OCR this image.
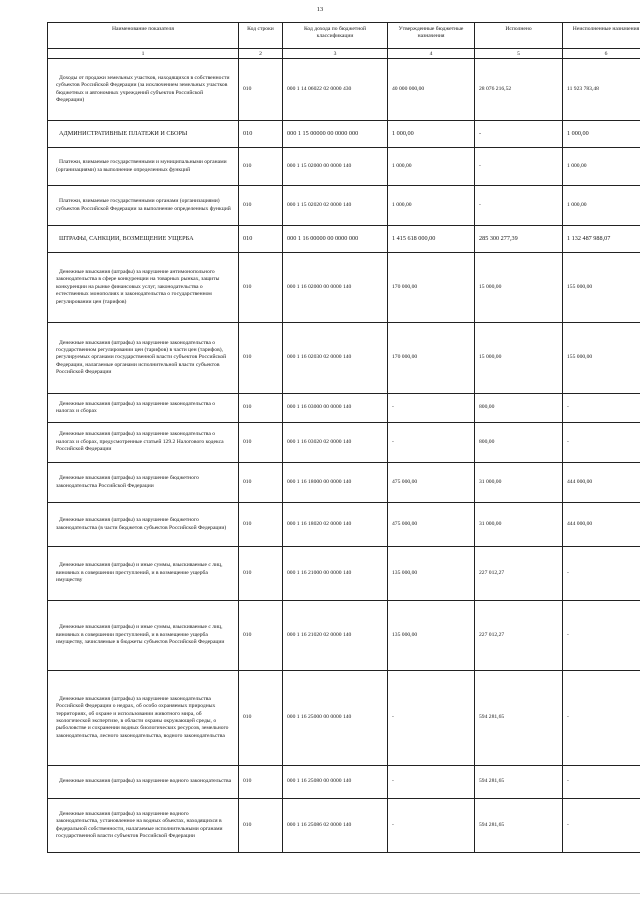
13
Наименование показателя	Код строки	Код дохода по бюджетной классификации	Утвержденные бюджетные назначения	Исполнено	Неисполненные назначения
1	2	3	4	5	6
Доходы от продажи земельных участков, находящихся в собственности субъектов Российской Федерации (за исключением земельных участков бюджетных и автономных учреждений субъектов Российской Федерации)	010	000 1 14 06022 02 0000 430	40 000 000,00	28 076 216,52	11 923 783,48
АДМИНИСТРАТИВНЫЕ ПЛАТЕЖИ И СБОРЫ	010	000 1 15 00000 00 0000 000	1 000,00	-	1 000,00
Платежи, взимаемые государственными и муниципальными органами (организациями) за выполнение определенных функций	010	000 1 15 02000 00 0000 140	1 000,00	-	1 000,00
Платежи, взимаемые государственными органами (организациями) субъектов Российской Федерации за выполнение определенных функций	010	000 1 15 02020 02 0000 140	1 000,00	-	1 000,00
ШТРАФЫ, САНКЦИИ, ВОЗМЕЩЕНИЕ УЩЕРБА	010	000 1 16 00000 00 0000 000	1 415 618 000,00	285 300 277,39	1 132 487 988,07
Денежные взыскания (штрафы) за нарушение антимонопольного законодательства в сфере конкуренции на товарных рынках, защиты конкуренции на рынке финансовых услуг, законодательства о естественных монополиях и законодательства о государственном регулировании цен (тарифов)	010	000 1 16 02000 00 0000 140	170 000,00	15 000,00	155 000,00
Денежные взыскания (штрафы) за нарушение законодательства о государственном регулировании цен (тарифов) в части цен (тарифов), регулируемых органами государственной власти субъектов Российской Федерации, налагаемые органами исполнительной власти субъектов Российской Федерации	010	000 1 16 02030 02 0000 140	170 000,00	15 000,00	155 000,00
Денежные взыскания (штрафы) за нарушение законодательства о налогах и сборах	010	000 1 16 03000 00 0000 140	-	800,00	-
Денежные взыскания (штрафы) за нарушение законодательства о налогах и сборах, предусмотренные статьей 129.2 Налогового кодекса Российской Федерации	010	000 1 16 03020 02 0000 140	-	800,00	-
Денежные взыскания (штрафы) за нарушение бюджетного законодательства Российской Федерации	010	000 1 16 18000 00 0000 140	475 000,00	31 000,00	444 000,00
Денежные взыскания (штрафы) за нарушение бюджетного законодательства (в части бюджетов субъектов Российской Федерации)	010	000 1 16 18020 02 0000 140	475 000,00	31 000,00	444 000,00
Денежные взыскания (штрафы) и иные суммы, взыскиваемые с лиц, виновных в совершении преступлений, и в возмещение ущерба имуществу	010	000 1 16 21000 00 0000 140	135 000,00	227 012,27	-
Денежные взыскания (штрафы) и иные суммы, взыскиваемые с лиц, виновных в совершении преступлений, и в возмещение ущерба имуществу, зачисляемые в бюджеты субъектов Российской Федерации	010	000 1 16 21020 02 0000 140	135 000,00	227 012,27	-
Денежные взыскания (штрафы) за нарушение законодательства Российской Федерации о недрах, об особо охраняемых природных территориях, об охране и использовании животного мира, об экологической экспертизе, в области охраны окружающей среды, о рыболовстве и сохранении водных биологических ресурсов, земельного законодательства, лесного законодательства, водного законодательства	010	000 1 16 25000 00 0000 140	-	594 281,65	-
Денежные взыскания (штрафы) за нарушение водного законодательства	010	000 1 16 25080 00 0000 140	-	594 281,65	-
Денежные взыскания (штрафы) за нарушение водного законодательства, установленное на водных объектах, находящихся в федеральной собственности, налагаемые исполнительными органами государственной власти субъектов Российской Федерации	010	000 1 16 25086 02 0000 140	-	594 281,65	-
